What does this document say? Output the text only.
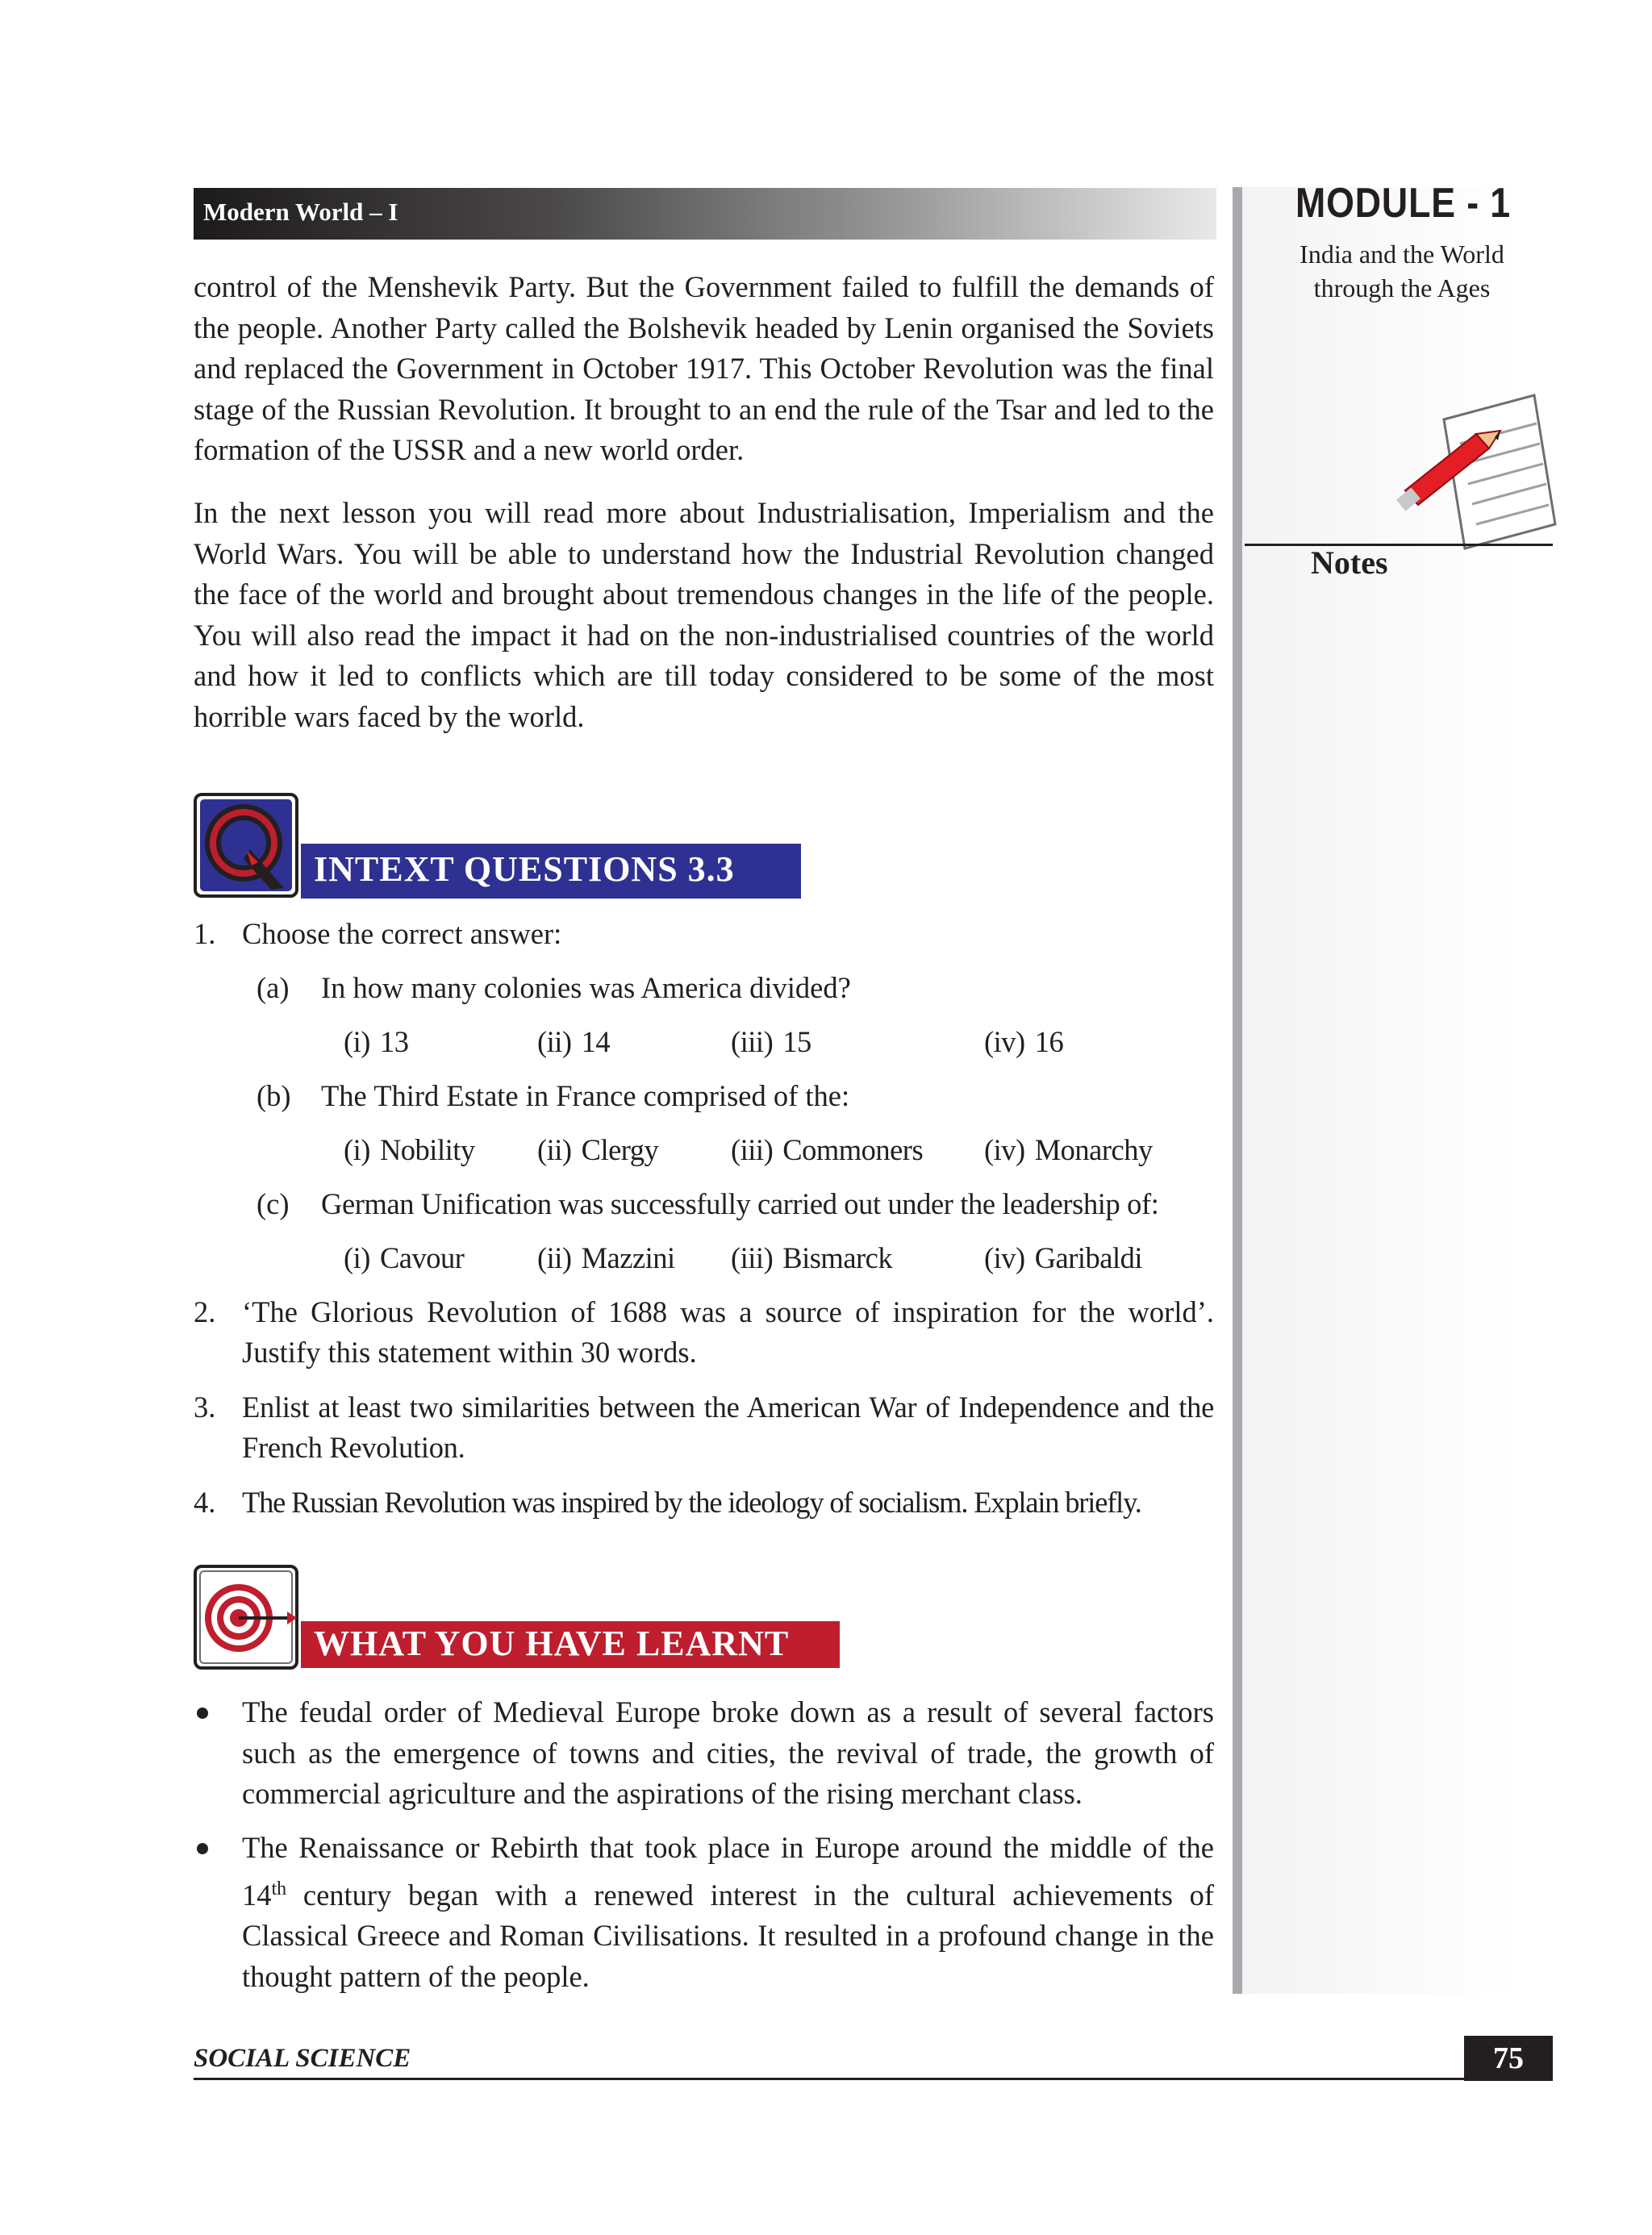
Modern World – I	MODULE - 1
India and the World
through the Ages
Notes

control of the Menshevik Party. But the Government failed to fulfill the demands of the people. Another Party called the Bolshevik headed by Lenin organised the Soviets and replaced the Government in October 1917. This October Revolution was the final stage of the Russian Revolution. It brought to an end the rule of the Tsar and led to the formation of the USSR and a new world order.

In the next lesson you will read more about Industrialisation, Imperialism and the World Wars. You will be able to understand how the Industrial Revolution changed the face of the world and brought about tremendous changes in the life of the people. You will also read the impact it had on the non-industrialised countries of the world and how it led to conflicts which are till today considered to be some of the most horrible wars faced by the world.

INTEXT QUESTIONS 3.3
1. Choose the correct answer:
(a) In how many colonies was America divided?
(i) 13	(ii) 14	(iii) 15	(iv) 16
(b) The Third Estate in France comprised of the:
(i) Nobility (ii) Clergy (iii) Commoners (iv) Monarchy
(c) German Unification was successfully carried out under the leadership of:
(i) Cavour (ii) Mazzini (iii) Bismarck	(iv) Garibaldi
2. ‘The Glorious Revolution of 1688 was a source of inspiration for the world’. Justify this statement within 30 words.
3. Enlist at least two similarities between the American War of Independence and the French Revolution.
4. The Russian Revolution was inspired by the ideology of socialism. Explain briefly.
WHAT YOU HAVE LEARNT

The feudal order of Medieval Europe broke down as a result of several factors such as the emergence of towns and cities, the revival of trade, the growth of commercial agriculture and the aspirations of the rising merchant class.

The Renaissance or Rebirth that took place in Europe around the middle of the 14th century began with a renewed interest in the cultural achievements of Classical Greece and Roman Civilisations. It resulted in a profound change in the thought pattern of the people.

SOCIAL SCIENCE	75
